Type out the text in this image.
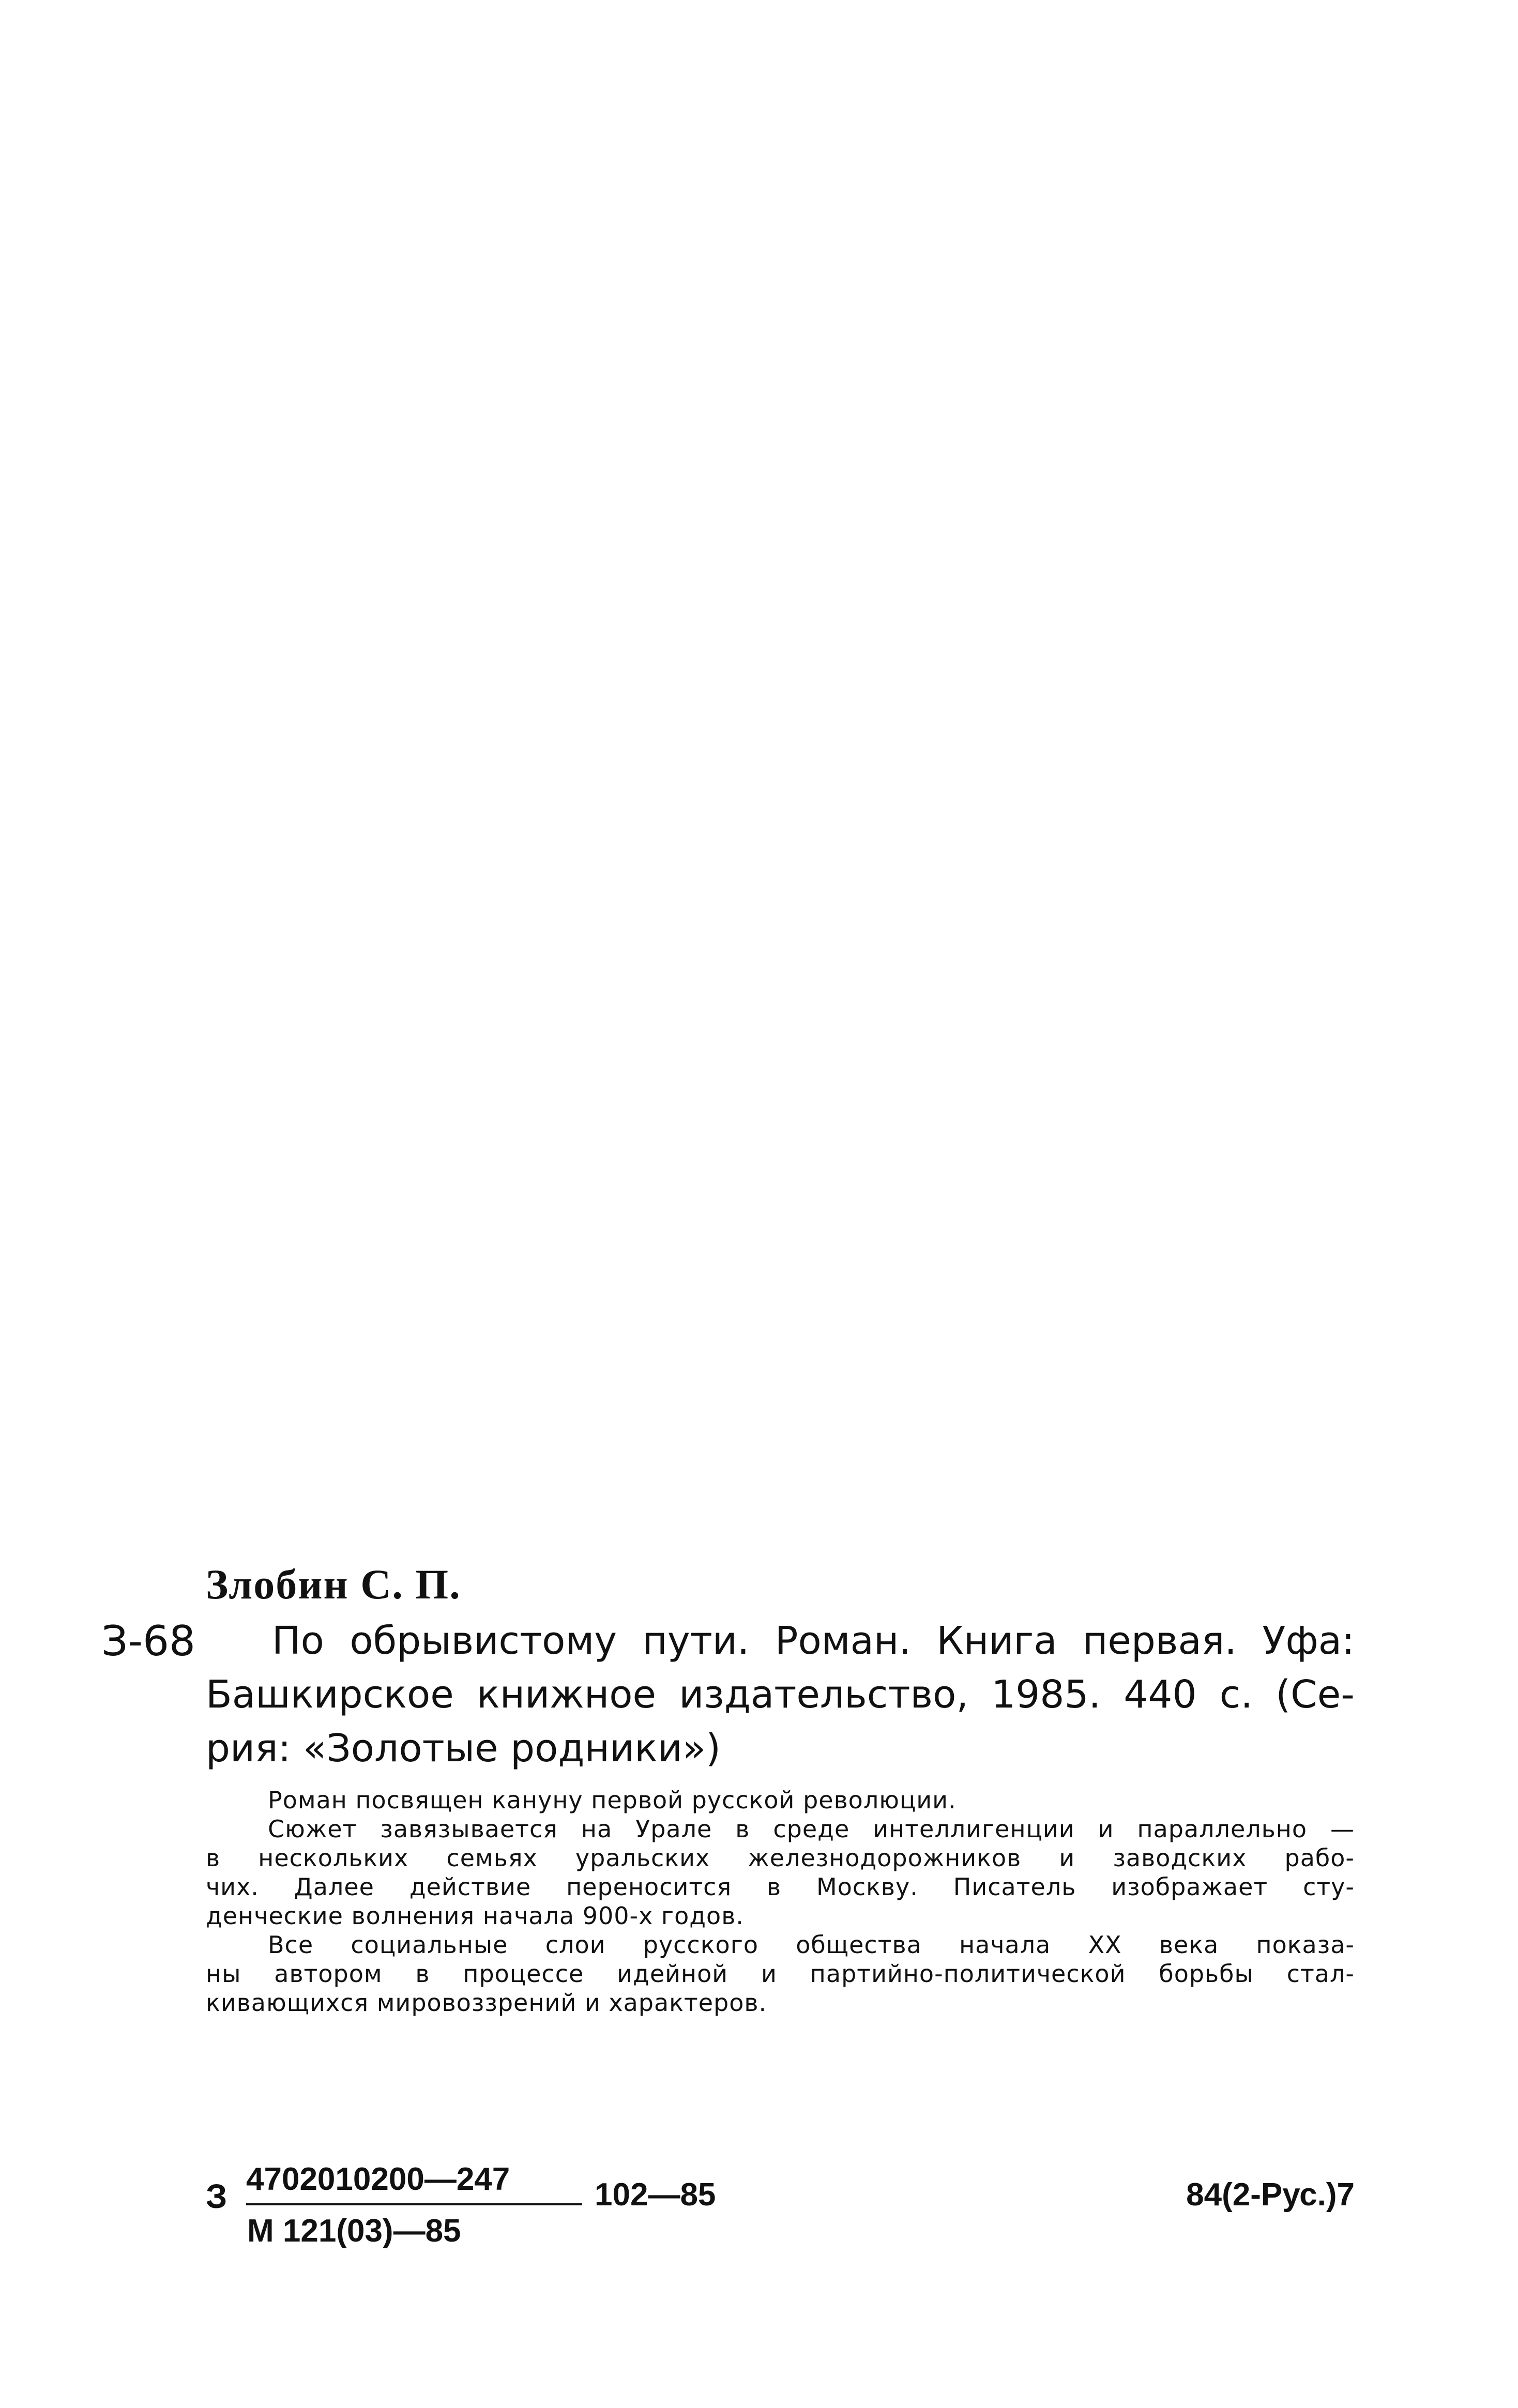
Злобин С. П.
З-68	По обрывистому пути. Роман. Книга первая. Уфа:
Башкирское книжное издательство, 1985. 440 с. (Се-
рия: «Золотые родники»)
Роман посвящен кануну первой русской революции.
Сюжет завязывается на Урале в среде интеллигенции и параллельно —
в нескольких семьях уральских железнодорожников и заводских рабо-
чих. Далее действие переносится в Москву. Писатель изображает сту-
денческие волнения начала 900-х годов.
Все социальные слои русского общества начала XX века показа-
ны автором в процессе идейной и партийно-политической борьбы стал-
кивающихся мировоззрений и характеров.
З 4702010200—247
М 121(03)—85
102—85	84(2-Рус.)7
